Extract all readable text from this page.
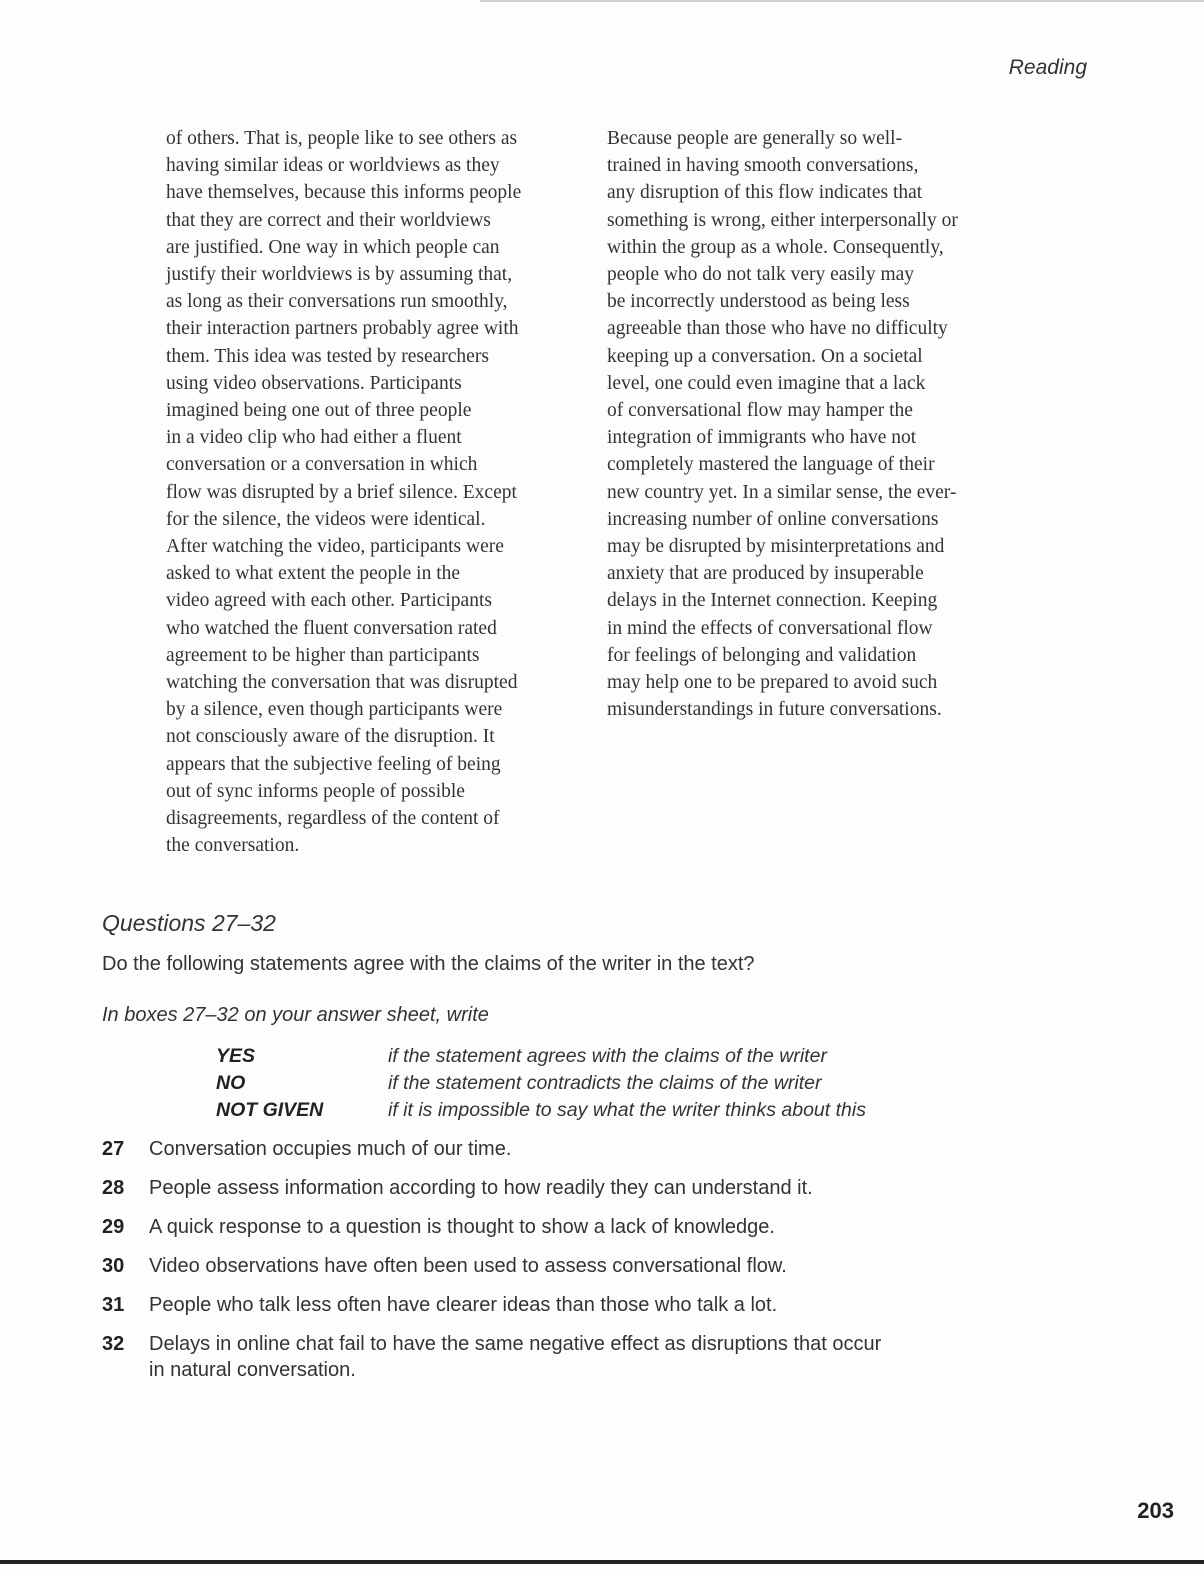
Reading
of others. That is, people like to see others as
having similar ideas or worldviews as they
have themselves, because this informs people
that they are correct and their worldviews
are justified. One way in which people can
justify their worldviews is by assuming that,
as long as their conversations run smoothly,
their interaction partners probably agree with
them. This idea was tested by researchers
using video observations. Participants
imagined being one out of three people
in a video clip who had either a fluent
conversation or a conversation in which
flow was disrupted by a brief silence. Except
for the silence, the videos were identical.
After watching the video, participants were
asked to what extent the people in the
video agreed with each other. Participants
who watched the fluent conversation rated
agreement to be higher than participants
watching the conversation that was disrupted
by a silence, even though participants were
not consciously aware of the disruption. It
appears that the subjective feeling of being
out of sync informs people of possible
disagreements, regardless of the content of
the conversation.
Because people are generally so well-
trained in having smooth conversations,
any disruption of this flow indicates that
something is wrong, either interpersonally or
within the group as a whole. Consequently,
people who do not talk very easily may
be incorrectly understood as being less
agreeable than those who have no difficulty
keeping up a conversation. On a societal
level, one could even imagine that a lack
of conversational flow may hamper the
integration of immigrants who have not
completely mastered the language of their
new country yet. In a similar sense, the ever-
increasing number of online conversations
may be disrupted by misinterpretations and
anxiety that are produced by insuperable
delays in the Internet connection. Keeping
in mind the effects of conversational flow
for feelings of belonging and validation
may help one to be prepared to avoid such
misunderstandings in future conversations.
Questions 27–32
Do the following statements agree with the claims of the writer in the text?
In boxes 27–32 on your answer sheet, write
YES	if the statement agrees with the claims of the writer
NO	if the statement contradicts the claims of the writer
NOT GIVEN	if it is impossible to say what the writer thinks about this
27	Conversation occupies much of our time.
28	People assess information according to how readily they can understand it.
29	A quick response to a question is thought to show a lack of knowledge.
30	Video observations have often been used to assess conversational flow.
31	People who talk less often have clearer ideas than those who talk a lot.
32	Delays in online chat fail to have the same negative effect as disruptions that occur
in natural conversation.
203
